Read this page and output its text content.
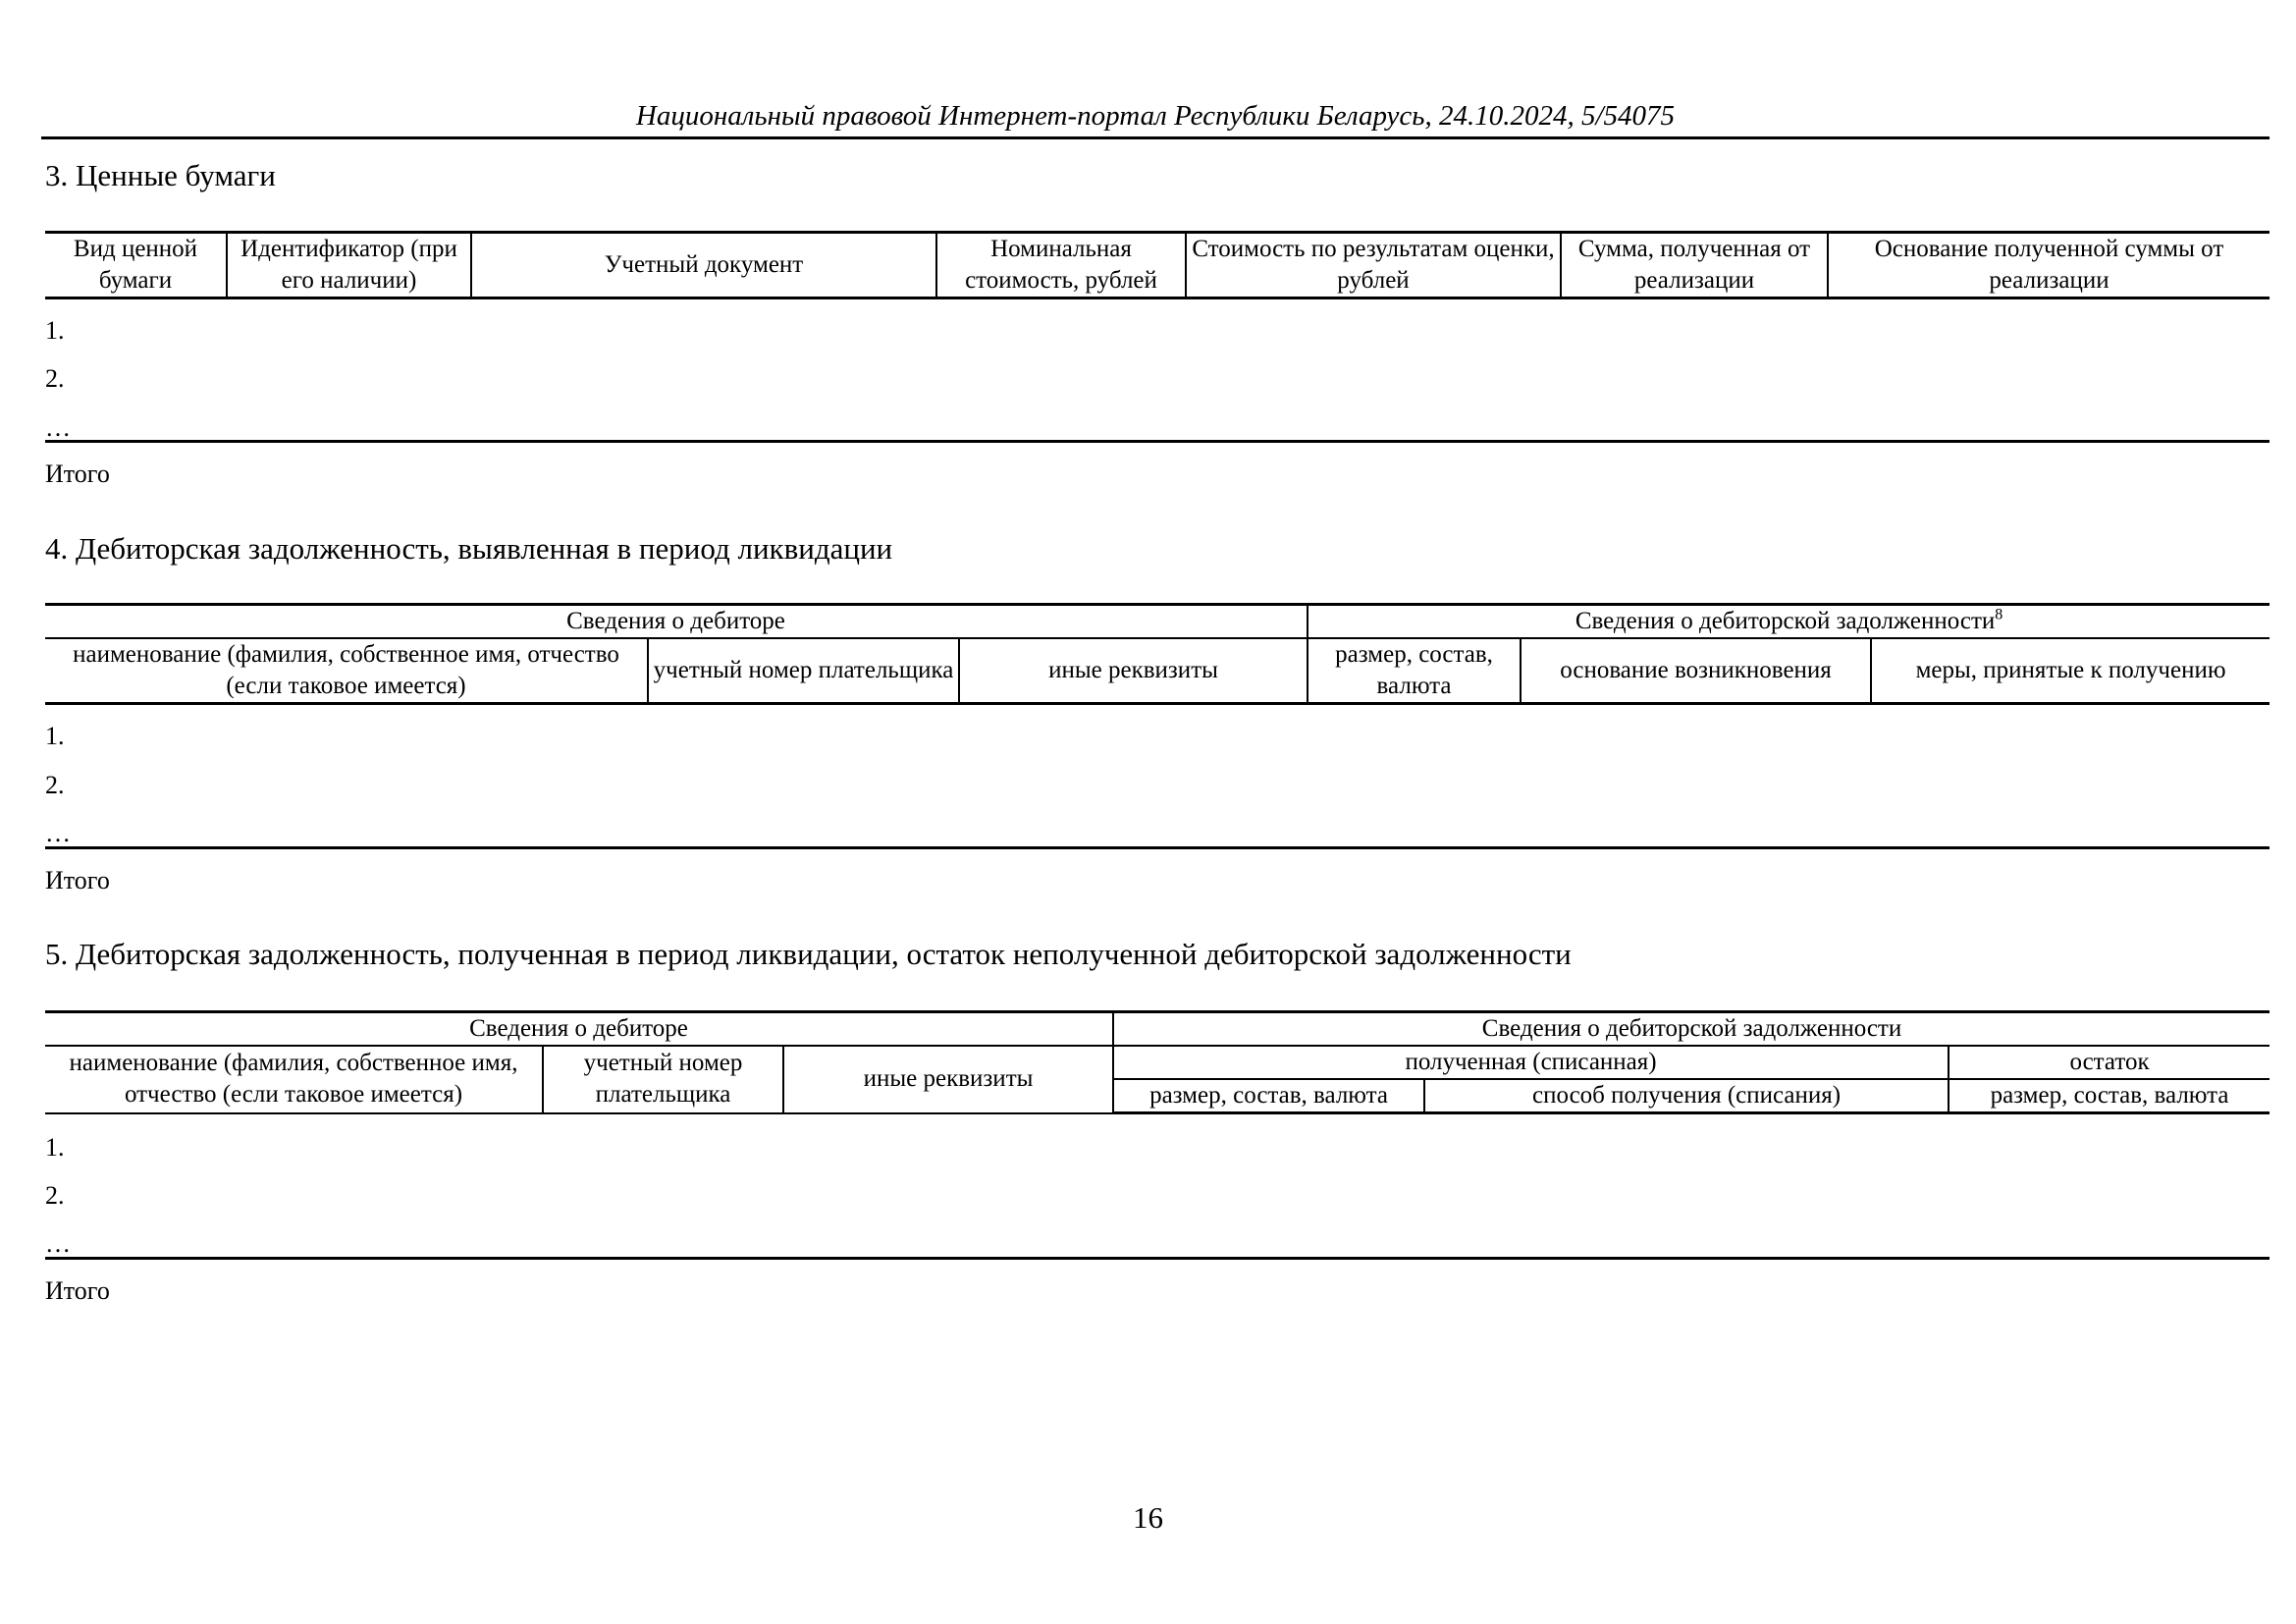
Национальный правовой Интернет-портал Республики Беларусь, 24.10.2024, 5/54075
3. Ценные бумаги
Вид ценной бумаги	Идентификатор (при его наличии)	Учетный документ	Номинальная стоимость, рублей	Стоимость по результатам оценки, рублей	Сумма, полученная от реализации	Основание полученной суммы от реализации
1.
2.
…
Итого
4. Дебиторская задолженность, выявленная в период ликвидации
Сведения о дебиторе			Сведения о дебиторской задолженности$^8$
наименование (фамилия, собственное имя, отчество (если таковое имеется)	учетный номер плательщика	иные реквизиты	размер, состав, валюта	основание возникновения	меры, принятые к получению
1.
2.
…
Итого
5. Дебиторская задолженность, полученная в период ликвидации, остаток неполученной дебиторской задолженности
Сведения о дебиторе			Сведения о дебиторской задолженности		
наименование (фамилия, собственное имя, отчество (если таковое имеется)	учетный номер плательщика	иные реквизиты	полученная (списанная)		остаток
			размер, состав, валюта	способ получения (списания)	размер, состав, валюта
1.
2.
…
Итого
16
